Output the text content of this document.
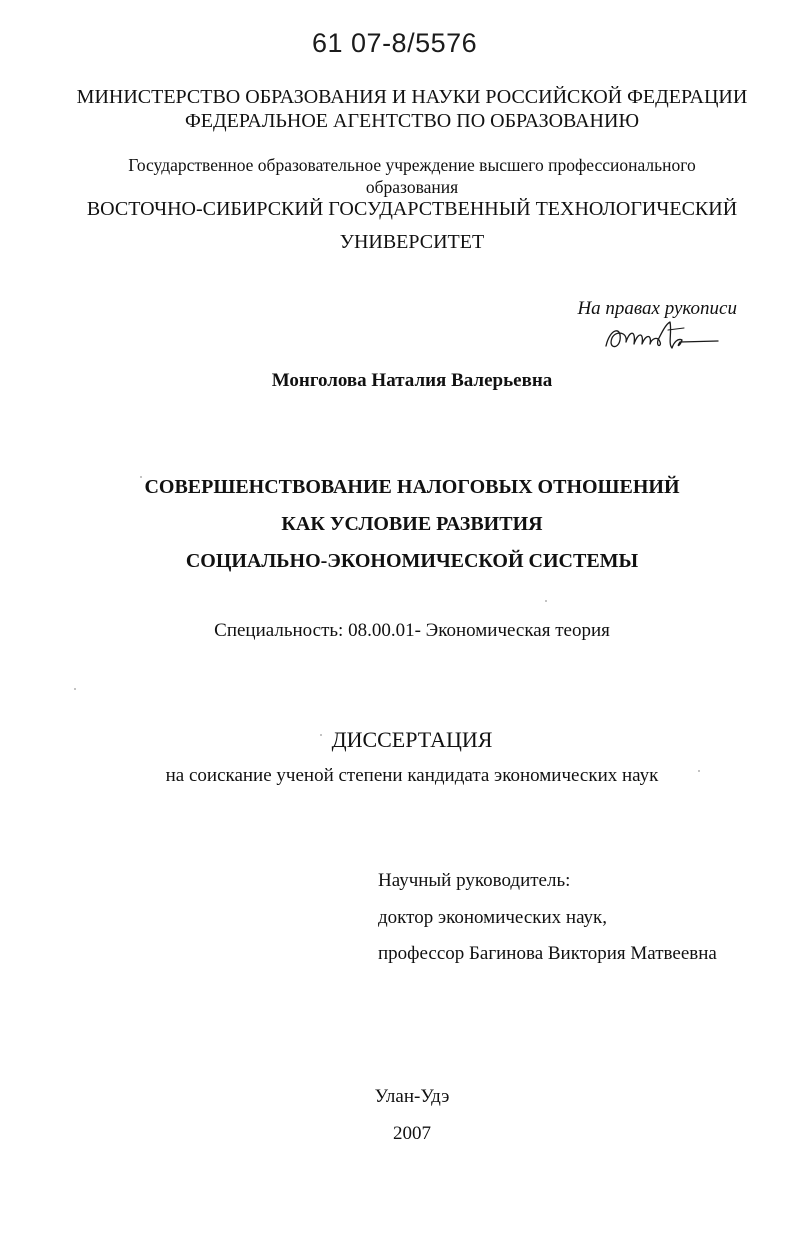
61 07-8/5576
МИНИСТЕРСТВО ОБРАЗОВАНИЯ И НАУКИ РОССИЙСКОЙ ФЕДЕРАЦИИ
ФЕДЕРАЛЬНОЕ АГЕНТСТВО ПО ОБРАЗОВАНИЮ
Государственное образовательное учреждение высшего профессионального
образования
ВОСТОЧНО-СИБИРСКИЙ ГОСУДАРСТВЕННЫЙ ТЕХНОЛОГИЧЕСКИЙ
УНИВЕРСИТЕТ
На правах рукописи
Монголова Наталия Валерьевна
СОВЕРШЕНСТВОВАНИЕ НАЛОГОВЫХ ОТНОШЕНИЙ
КАК УСЛОВИЕ РАЗВИТИЯ
СОЦИАЛЬНО-ЭКОНОМИЧЕСКОЙ СИСТЕМЫ
Специальность: 08.00.01- Экономическая теория
ДИССЕРТАЦИЯ
на соискание ученой степени кандидата экономических наук
Научный руководитель:
доктор экономических наук,
профессор Багинова Виктория Матвеевна
Улан-Удэ
2007
